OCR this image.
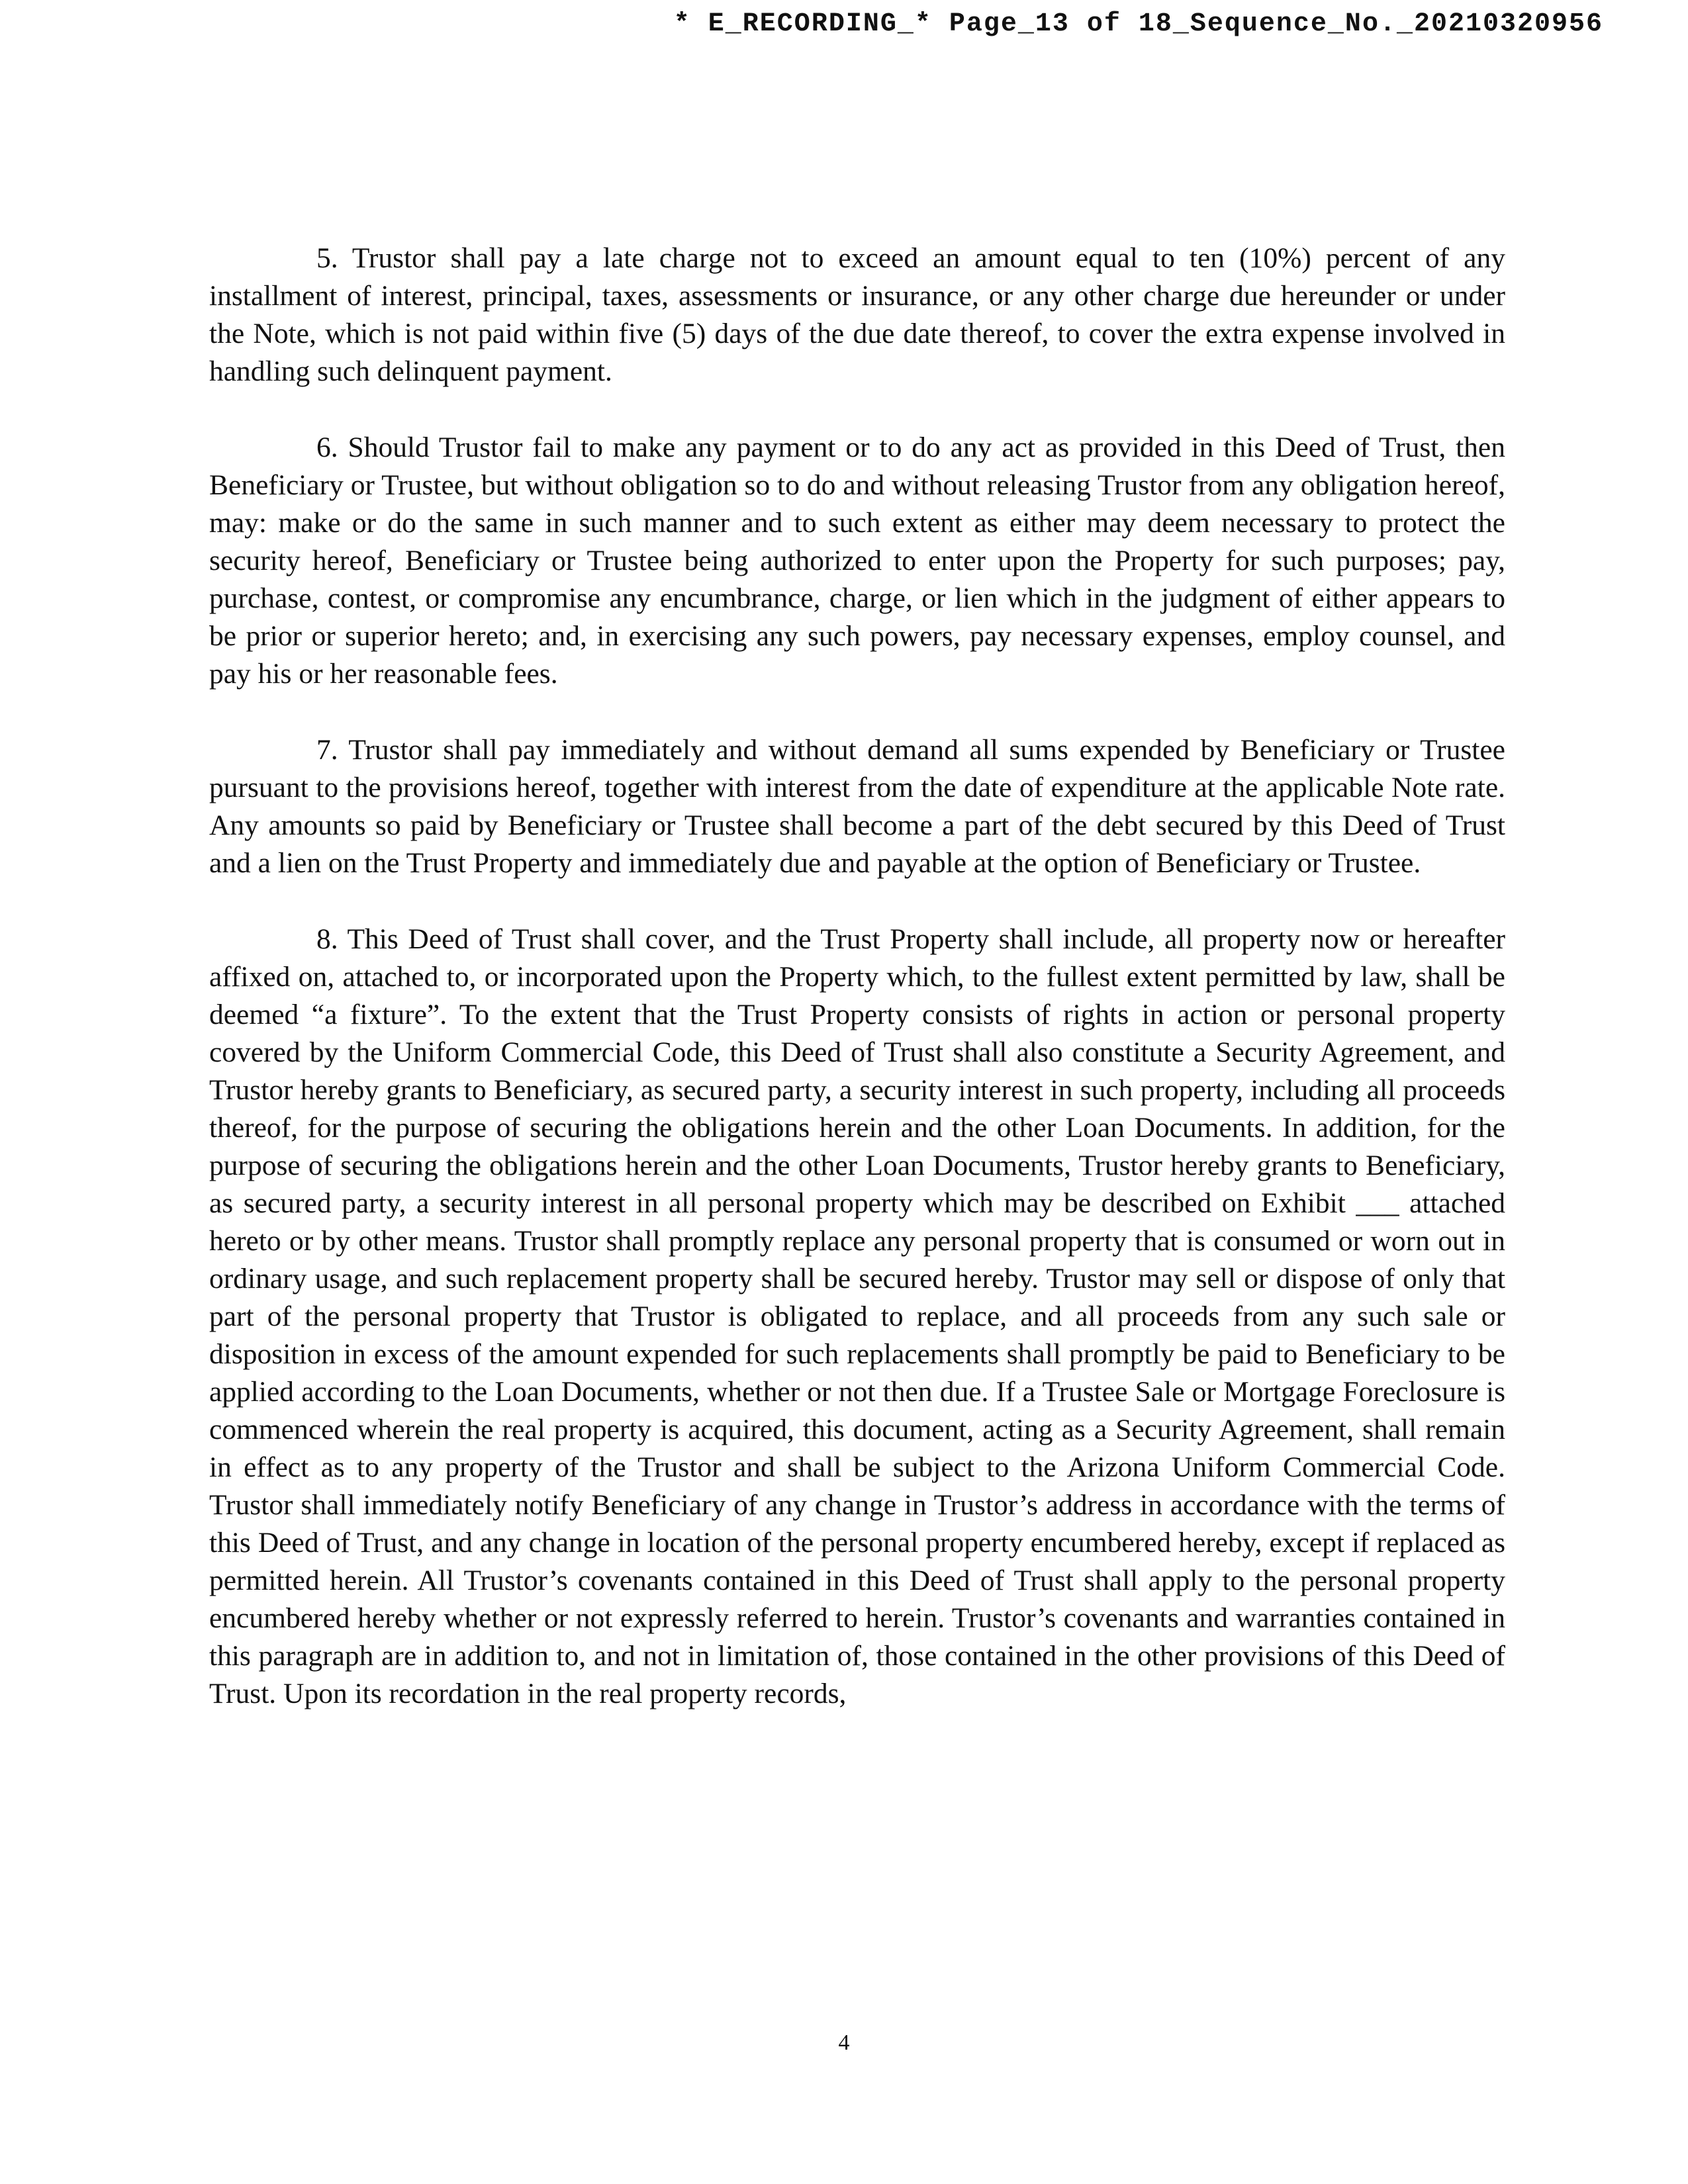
* E_RECORDING_* Page_13 of 18_Sequence_No._20210320956

5. Trustor shall pay a late charge not to exceed an amount equal to ten (10%) percent of any installment of interest, principal, taxes, assessments or insurance, or any other charge due hereunder or under the Note, which is not paid within five (5) days of the due date thereof, to cover the extra expense involved in handling such delinquent payment.

6. Should Trustor fail to make any payment or to do any act as provided in this Deed of Trust, then Beneficiary or Trustee, but without obligation so to do and without releasing Trustor from any obligation hereof, may: make or do the same in such manner and to such extent as either may deem necessary to protect the security hereof, Beneficiary or Trustee being authorized to enter upon the Property for such purposes; pay, purchase, contest, or compromise any encumbrance, charge, or lien which in the judgment of either appears to be prior or superior hereto; and, in exercising any such powers, pay necessary expenses, employ counsel, and pay his or her reasonable fees.

7. Trustor shall pay immediately and without demand all sums expended by Beneficiary or Trustee pursuant to the provisions hereof, together with interest from the date of expenditure at the applicable Note rate. Any amounts so paid by Beneficiary or Trustee shall become a part of the debt secured by this Deed of Trust and a lien on the Trust Property and immediately due and payable at the option of Beneficiary or Trustee.

8. This Deed of Trust shall cover, and the Trust Property shall include, all property now or hereafter affixed on, attached to, or incorporated upon the Property which, to the fullest extent permitted by law, shall be deemed “a fixture”. To the extent that the Trust Property consists of rights in action or personal property covered by the Uniform Commercial Code, this Deed of Trust shall also constitute a Security Agreement, and Trustor hereby grants to Beneficiary, as secured party, a security interest in such property, including all proceeds thereof, for the purpose of securing the obligations herein and the other Loan Documents. In addition, for the purpose of securing the obligations herein and the other Loan Documents, Trustor hereby grants to Beneficiary, as secured party, a security interest in all personal property which may be described on Exhibit ___ attached hereto or by other means. Trustor shall promptly replace any personal property that is consumed or worn out in ordinary usage, and such replacement property shall be secured hereby. Trustor may sell or dispose of only that part of the personal property that Trustor is obligated to replace, and all proceeds from any such sale or disposition in excess of the amount expended for such replacements shall promptly be paid to Beneficiary to be applied according to the Loan Documents, whether or not then due. If a Trustee Sale or Mortgage Foreclosure is commenced wherein the real property is acquired, this document, acting as a Security Agreement, shall remain in effect as to any property of the Trustor and shall be subject to the Arizona Uniform Commercial Code. Trustor shall immediately notify Beneficiary of any change in Trustor’s address in accordance with the terms of this Deed of Trust, and any change in location of the personal property encumbered hereby, except if replaced as permitted herein. All Trustor’s covenants contained in this Deed of Trust shall apply to the personal property encumbered hereby whether or not expressly referred to herein. Trustor’s covenants and warranties contained in this paragraph are in addition to, and not in limitation of, those contained in the other provisions of this Deed of Trust. Upon its recordation in the real property records,

4
